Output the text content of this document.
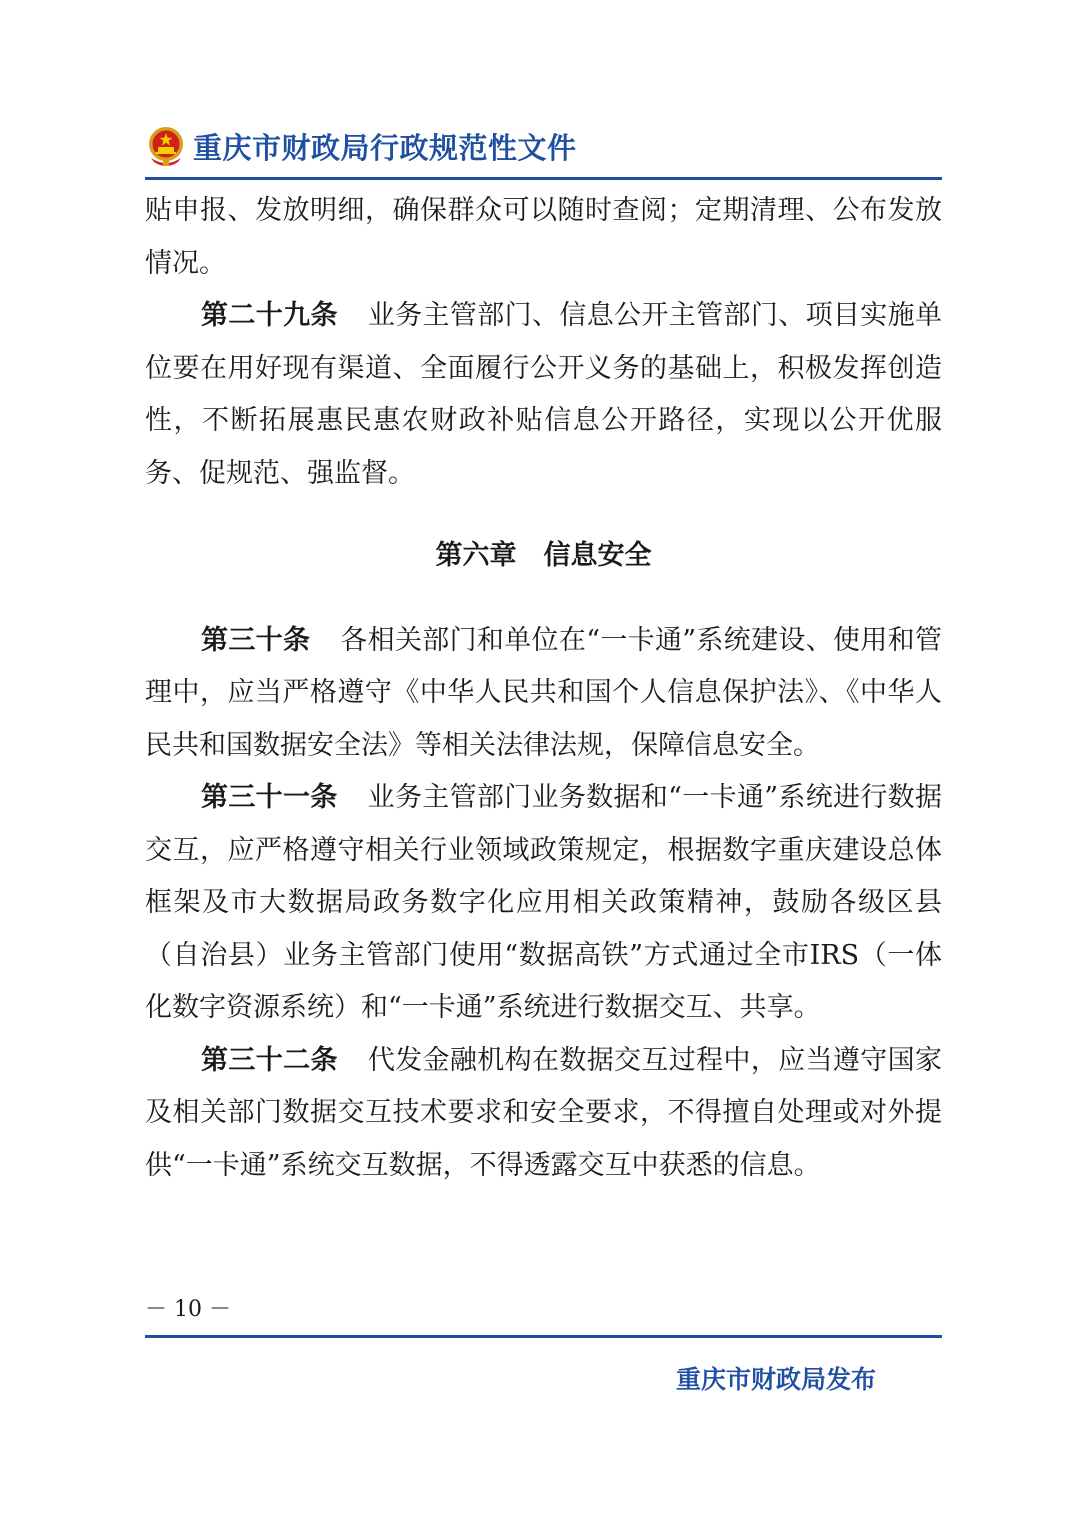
重庆市财政局行政规范性文件

贴申报、发放明细，确保群众可以随时查阅；定期清理、公布发放情况。

第二十九条 业务主管部门、信息公开主管部门、项目实施单位要在用好现有渠道、全面履行公开义务的基础上，积极发挥创造性，不断拓展惠民惠农财政补贴信息公开路径，实现以公开优服务、促规范、强监督。

第六章　信息安全

第三十条 各相关部门和单位在“一卡通”系统建设、使用和管理中，应当严格遵守《中华人民共和国个人信息保护法》、《中华人民共和国数据安全法》等相关法律法规，保障信息安全。

第三十一条 业务主管部门业务数据和“一卡通”系统进行数据交互，应严格遵守相关行业领域政策规定，根据数字重庆建设总体框架及市大数据局政务数字化应用相关政策精神，鼓励各级区县（自治县）业务主管部门使用“数据高铁”方式通过全市IRS（一体化数字资源系统）和“一卡通”系统进行数据交互、共享。

第三十二条 代发金融机构在数据交互过程中，应当遵守国家及相关部门数据交互技术要求和安全要求，不得擅自处理或对外提供“一卡通”系统交互数据，不得透露交互中获悉的信息。

－ 10 －
重庆市财政局发布
